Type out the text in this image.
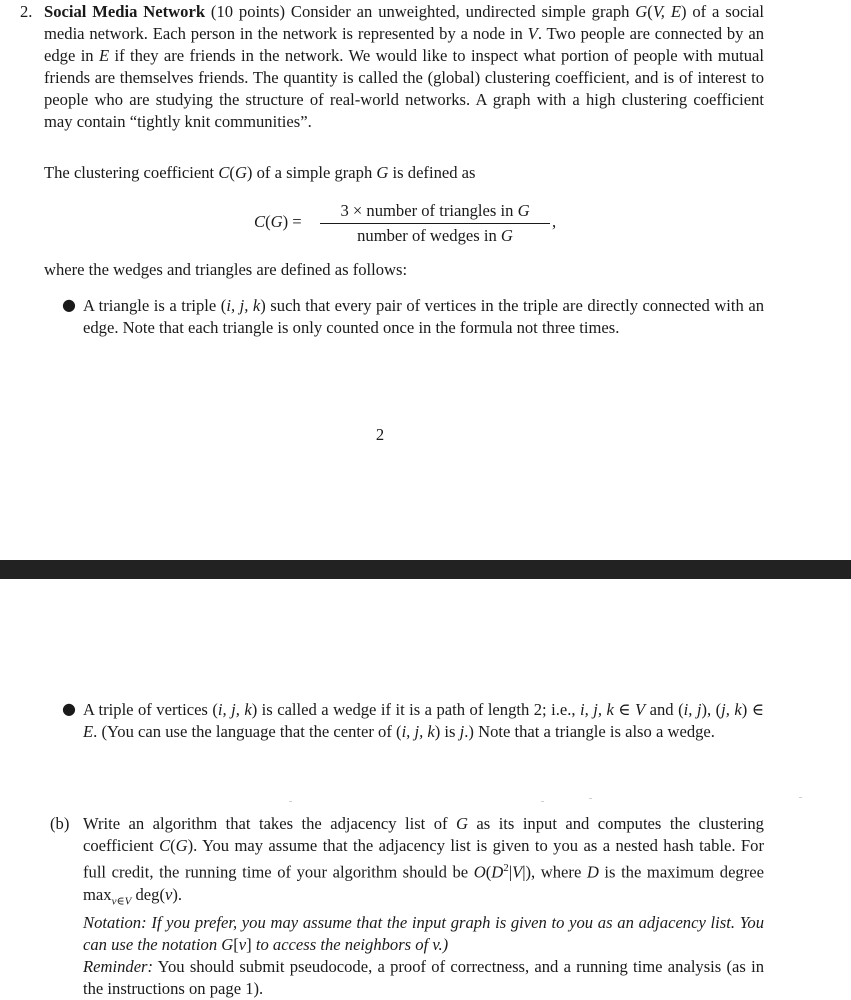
2. Social Media Network (10 points) Consider an unweighted, undirected simple graph G(V, E) of a social media network. Each person in the network is represented by a node in V. Two people are connected by an edge in E if they are friends in the network. We would like to inspect what portion of people with mutual friends are themselves friends. The quantity is called the (global) clustering coefficient, and is of interest to people who are studying the structure of real-world networks. A graph with a high clustering coefficient may contain “tightly knit communities”.
The clustering coefficient C(G) of a simple graph G is defined as
C(G) =
3 × number of triangles in G
number of wedges in G
,
where the wedges and triangles are defined as follows:
● A triangle is a triple (i, j, k) such that every pair of vertices in the triple are directly connected with an edge. Note that each triangle is only counted once in the formula not three times.
2
● A triple of vertices (i, j, k) is called a wedge if it is a path of length 2; i.e., i, j, k ∈ V and (i, j), (j, k) ∈ E. (You can use the language that the center of (i, j, k) is j.) Note that a triangle is also a wedge.
(b) Write an algorithm that takes the adjacency list of G as its input and computes the clustering coefficient C(G). You may assume that the adjacency list is given to you as a nested hash table. For full credit, the running time of your algorithm should be $O(D^2|V|)$, where D is the maximum degree $\max_{v\in V} deg(v)$.

Notation: If you prefer, you may assume that the input graph is given to you as an adjacency list. You can use the notation G[v] to access the neighbors of v.)

Reminder: You should submit pseudocode, a proof of correctness, and a running time analysis (as in the instructions on page 1).
